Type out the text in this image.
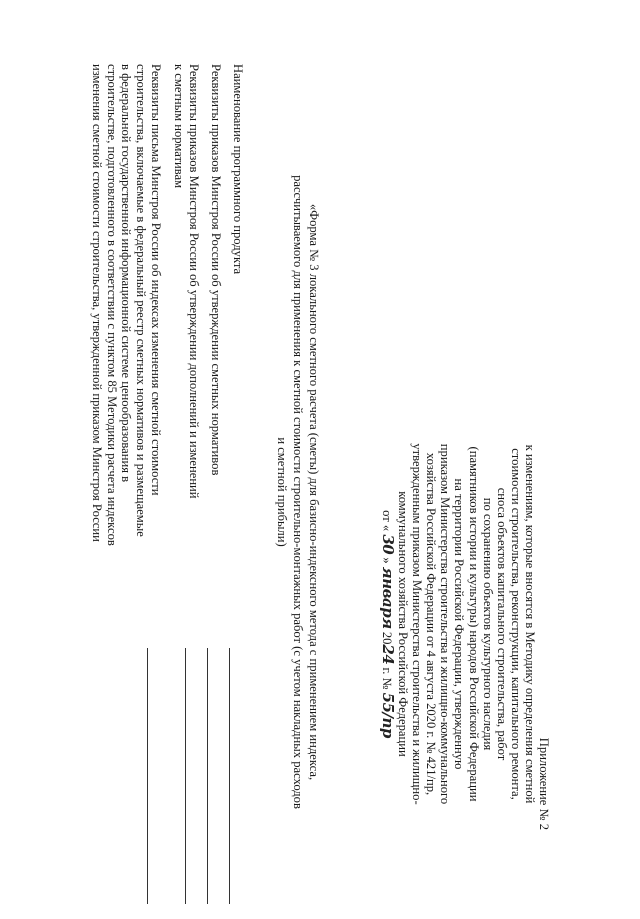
Приложение № 2
к изменениям, которые вносятся в Методику определения сметной
стоимости строительства, реконструкции, капитального ремонта,
сноса объектов капитального строительства, работ
по сохранению объектов культурного наследия
(памятников истории и культуры) народов Российской Федерации
на территории Российской Федерации, утвержденную
приказом Министерства строительства и жилищно-коммунального
хозяйства Российской Федерации от 4 августа 2020 г. № 421/пр,
утвержденным приказом Министерства строительства и жилищно-
коммунального хозяйства Российской Федерации
от « 30 » января 2024 г. № 55/пр
«Форма № 3 локального сметного расчета (сметы) для базисно-индексного метода с применением индекса,
рассчитываемого для применения к сметной стоимости строительно-монтажных работ (с учетом накладных расходов
и сметной прибыли)
Наименование программного продукта
Реквизиты приказов Минстроя России об утверждении сметных нормативов
Реквизиты приказов Минстроя России об утверждении дополнений и изменений
к сметным нормативам
Реквизиты письма Минстроя России об индексах изменения сметной стоимости
строительства, включаемые в федеральный реестр сметных нормативов и размещаемые
в федеральной государственной информационной системе ценообразования в
строительстве, подготовленного в соответствии с пунктом 85 Методики расчета индексов
изменения сметной стоимости строительства, утвержденной приказом Минстроя России
